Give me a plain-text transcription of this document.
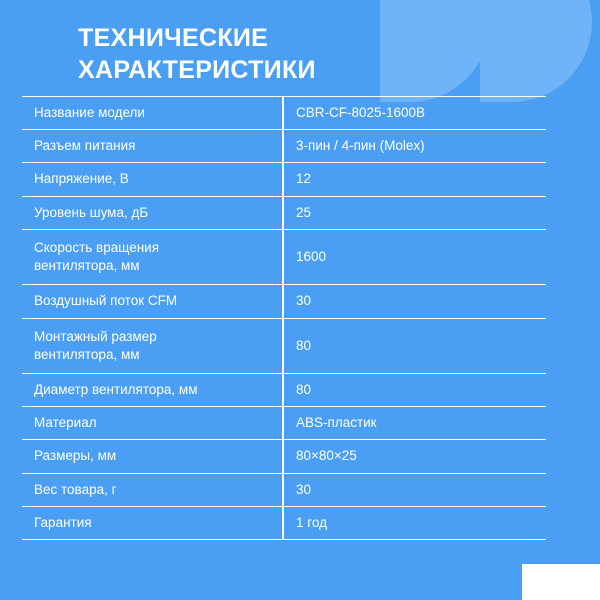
ТЕХНИЧЕСКИЕ
ХАРАКТЕРИСТИКИ
Название модели	CBR-CF-8025-1600B
Разъем питания	3-пин / 4-пин (Molex)
Напряжение, В	12
Уровень шума, дБ	25
Скорость вращения
вентилятора, мм	1600
Воздушный поток CFM	30
Монтажный размер
вентилятора, мм	80
Диаметр вентилятора, мм	80
Материал	ABS-пластик
Размеры, мм	80×80×25
Вес товара, г	30
Гарантия	1 год
